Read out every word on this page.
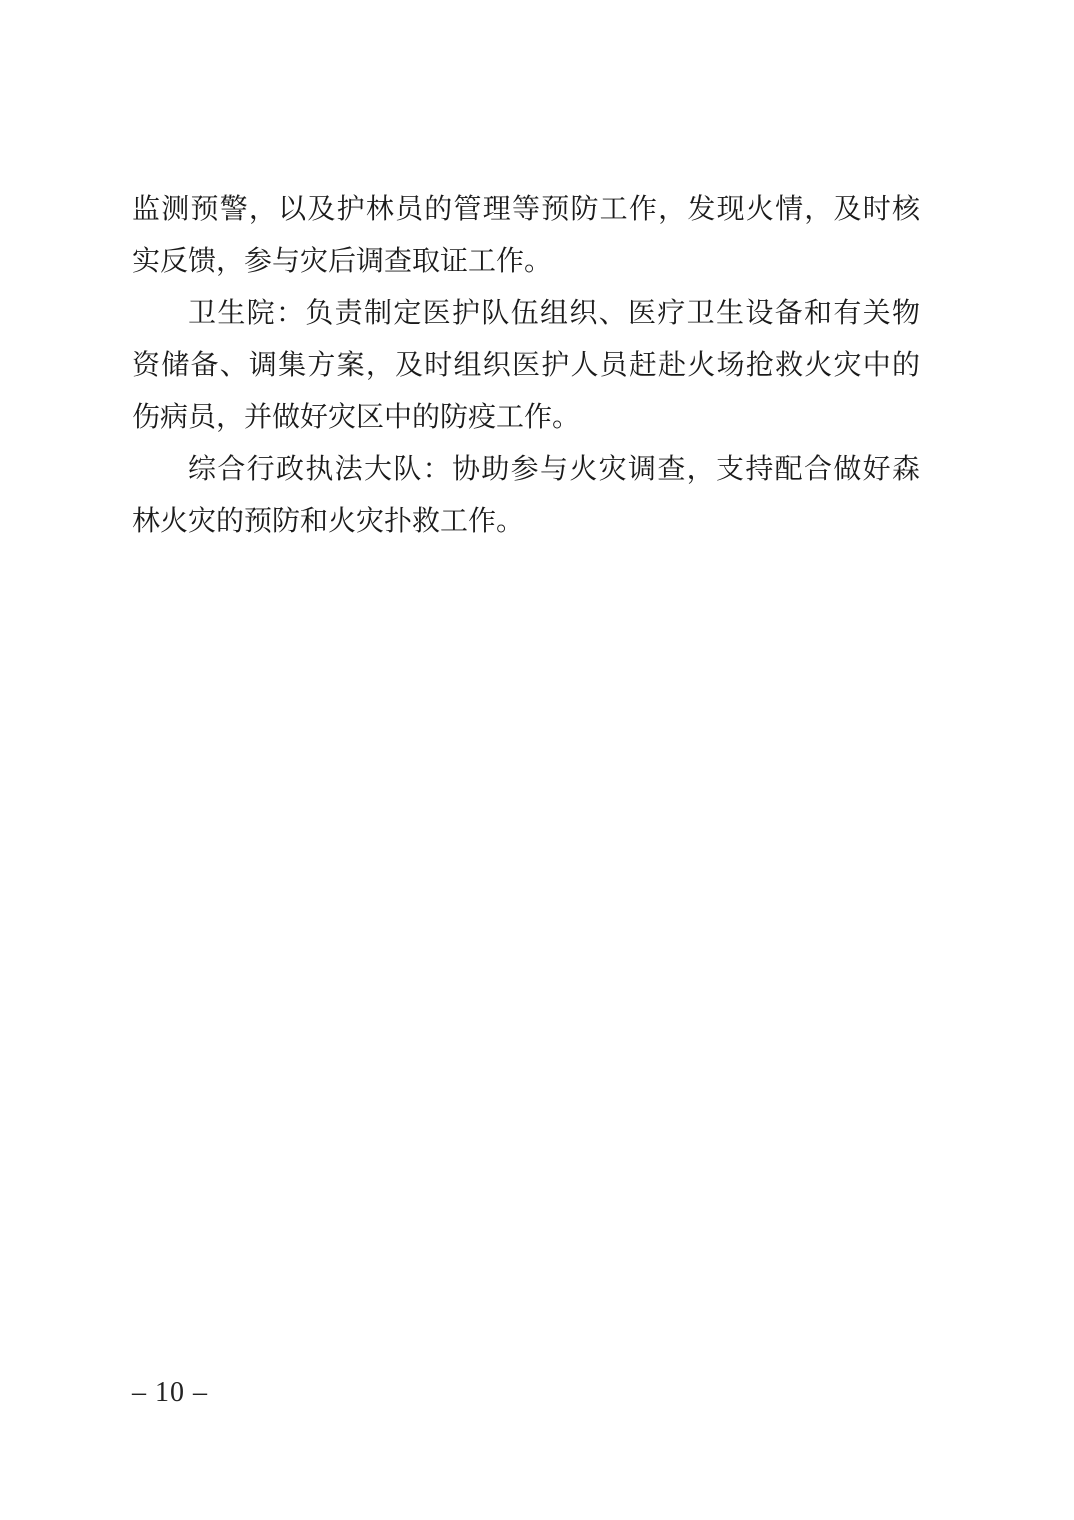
监测预警，以及护林员的管理等预防工作，发现火情，及时核
实反馈，参与灾后调查取证工作。
卫生院：负责制定医护队伍组织、医疗卫生设备和有关物
资储备、调集方案，及时组织医护人员赶赴火场抢救火灾中的
伤病员，并做好灾区中的防疫工作。
综合行政执法大队：协助参与火灾调查，支持配合做好森
林火灾的预防和火灾扑救工作。
– 10 –
